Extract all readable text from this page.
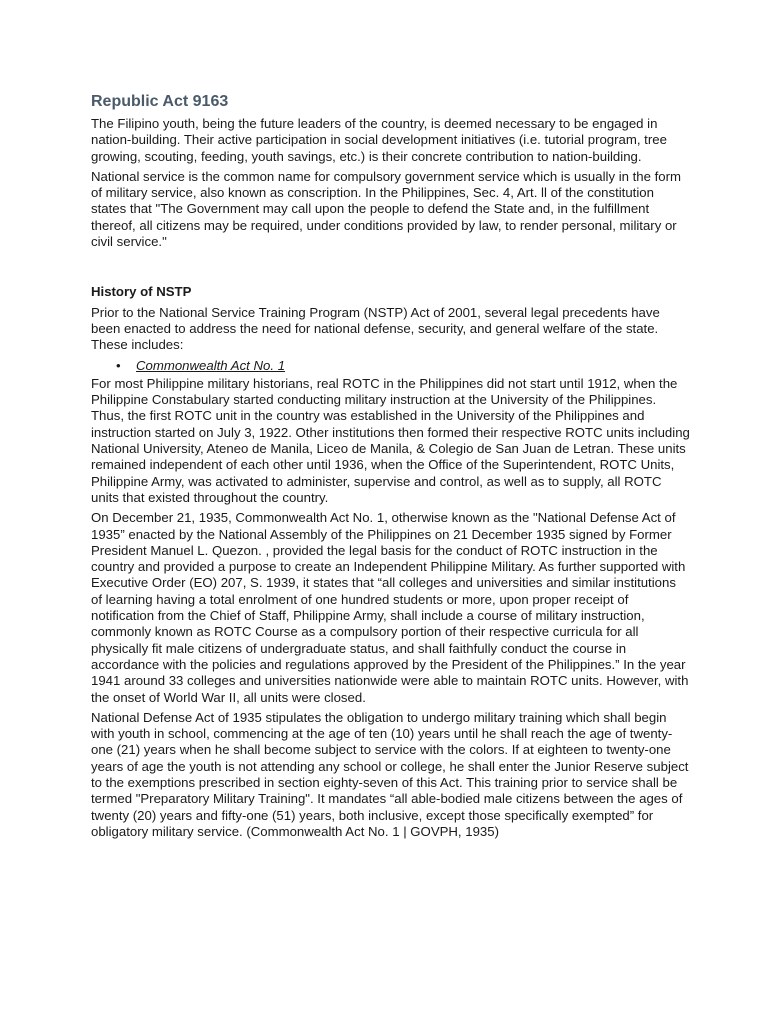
Republic Act 9163

The Filipino youth, being the future leaders of the country, is deemed necessary to be engaged in nation-building. Their active participation in social development initiatives (i.e. tutorial program, tree growing, scouting, feeding, youth savings, etc.) is their concrete contribution to nation-building.

National service is the common name for compulsory government service which is usually in the form of military service, also known as conscription. In the Philippines, Sec. 4, Art. ll of the constitution states that "The Government may call upon the people to defend the State and, in the fulfillment thereof, all citizens may be required, under conditions provided by law, to render personal, military or civil service."

History of NSTP

Prior to the National Service Training Program (NSTP) Act of 2001, several legal precedents have been enacted to address the need for national defense, security, and general welfare of the state. These includes:

• Commonwealth Act No. 1

For most Philippine military historians, real ROTC in the Philippines did not start until 1912, when the Philippine Constabulary started conducting military instruction at the University of the Philippines. Thus, the first ROTC unit in the country was established in the University of the Philippines and instruction started on July 3, 1922. Other institutions then formed their respective ROTC units including National University, Ateneo de Manila, Liceo de Manila, & Colegio de San Juan de Letran. These units remained independent of each other until 1936, when the Office of the Superintendent, ROTC Units, Philippine Army, was activated to administer, supervise and control, as well as to supply, all ROTC units that existed throughout the country.

On December 21, 1935, Commonwealth Act No. 1, otherwise known as the "National Defense Act of 1935” enacted by the National Assembly of the Philippines on 21 December 1935 signed by Former President Manuel L. Quezon. , provided the legal basis for the conduct of ROTC instruction in the country and provided a purpose to create an Independent Philippine Military. As further supported with Executive Order (EO) 207, S. 1939, it states that “all colleges and universities and similar institutions of learning having a total enrolment of one hundred students or more, upon proper receipt of notification from the Chief of Staff, Philippine Army, shall include a course of military instruction, commonly known as ROTC Course as a compulsory portion of their respective curricula for all physically fit male citizens of undergraduate status, and shall faithfully conduct the course in accordance with the policies and regulations approved by the President of the Philippines.” In the year 1941 around 33 colleges and universities nationwide were able to maintain ROTC units. However, with the onset of World War II, all units were closed.

National Defense Act of 1935 stipulates the obligation to undergo military training which shall begin with youth in school, commencing at the age of ten (10) years until he shall reach the age of twenty-one (21) years when he shall become subject to service with the colors. If at eighteen to twenty-one years of age the youth is not attending any school or college, he shall enter the Junior Reserve subject to the exemptions prescribed in section eighty-seven of this Act. This training prior to service shall be termed "Preparatory Military Training". It mandates “all able-bodied male citizens between the ages of twenty (20) years and fifty-one (51) years, both inclusive, except those specifically exempted” for obligatory military service. (Commonwealth Act No. 1 | GOVPH, 1935)
